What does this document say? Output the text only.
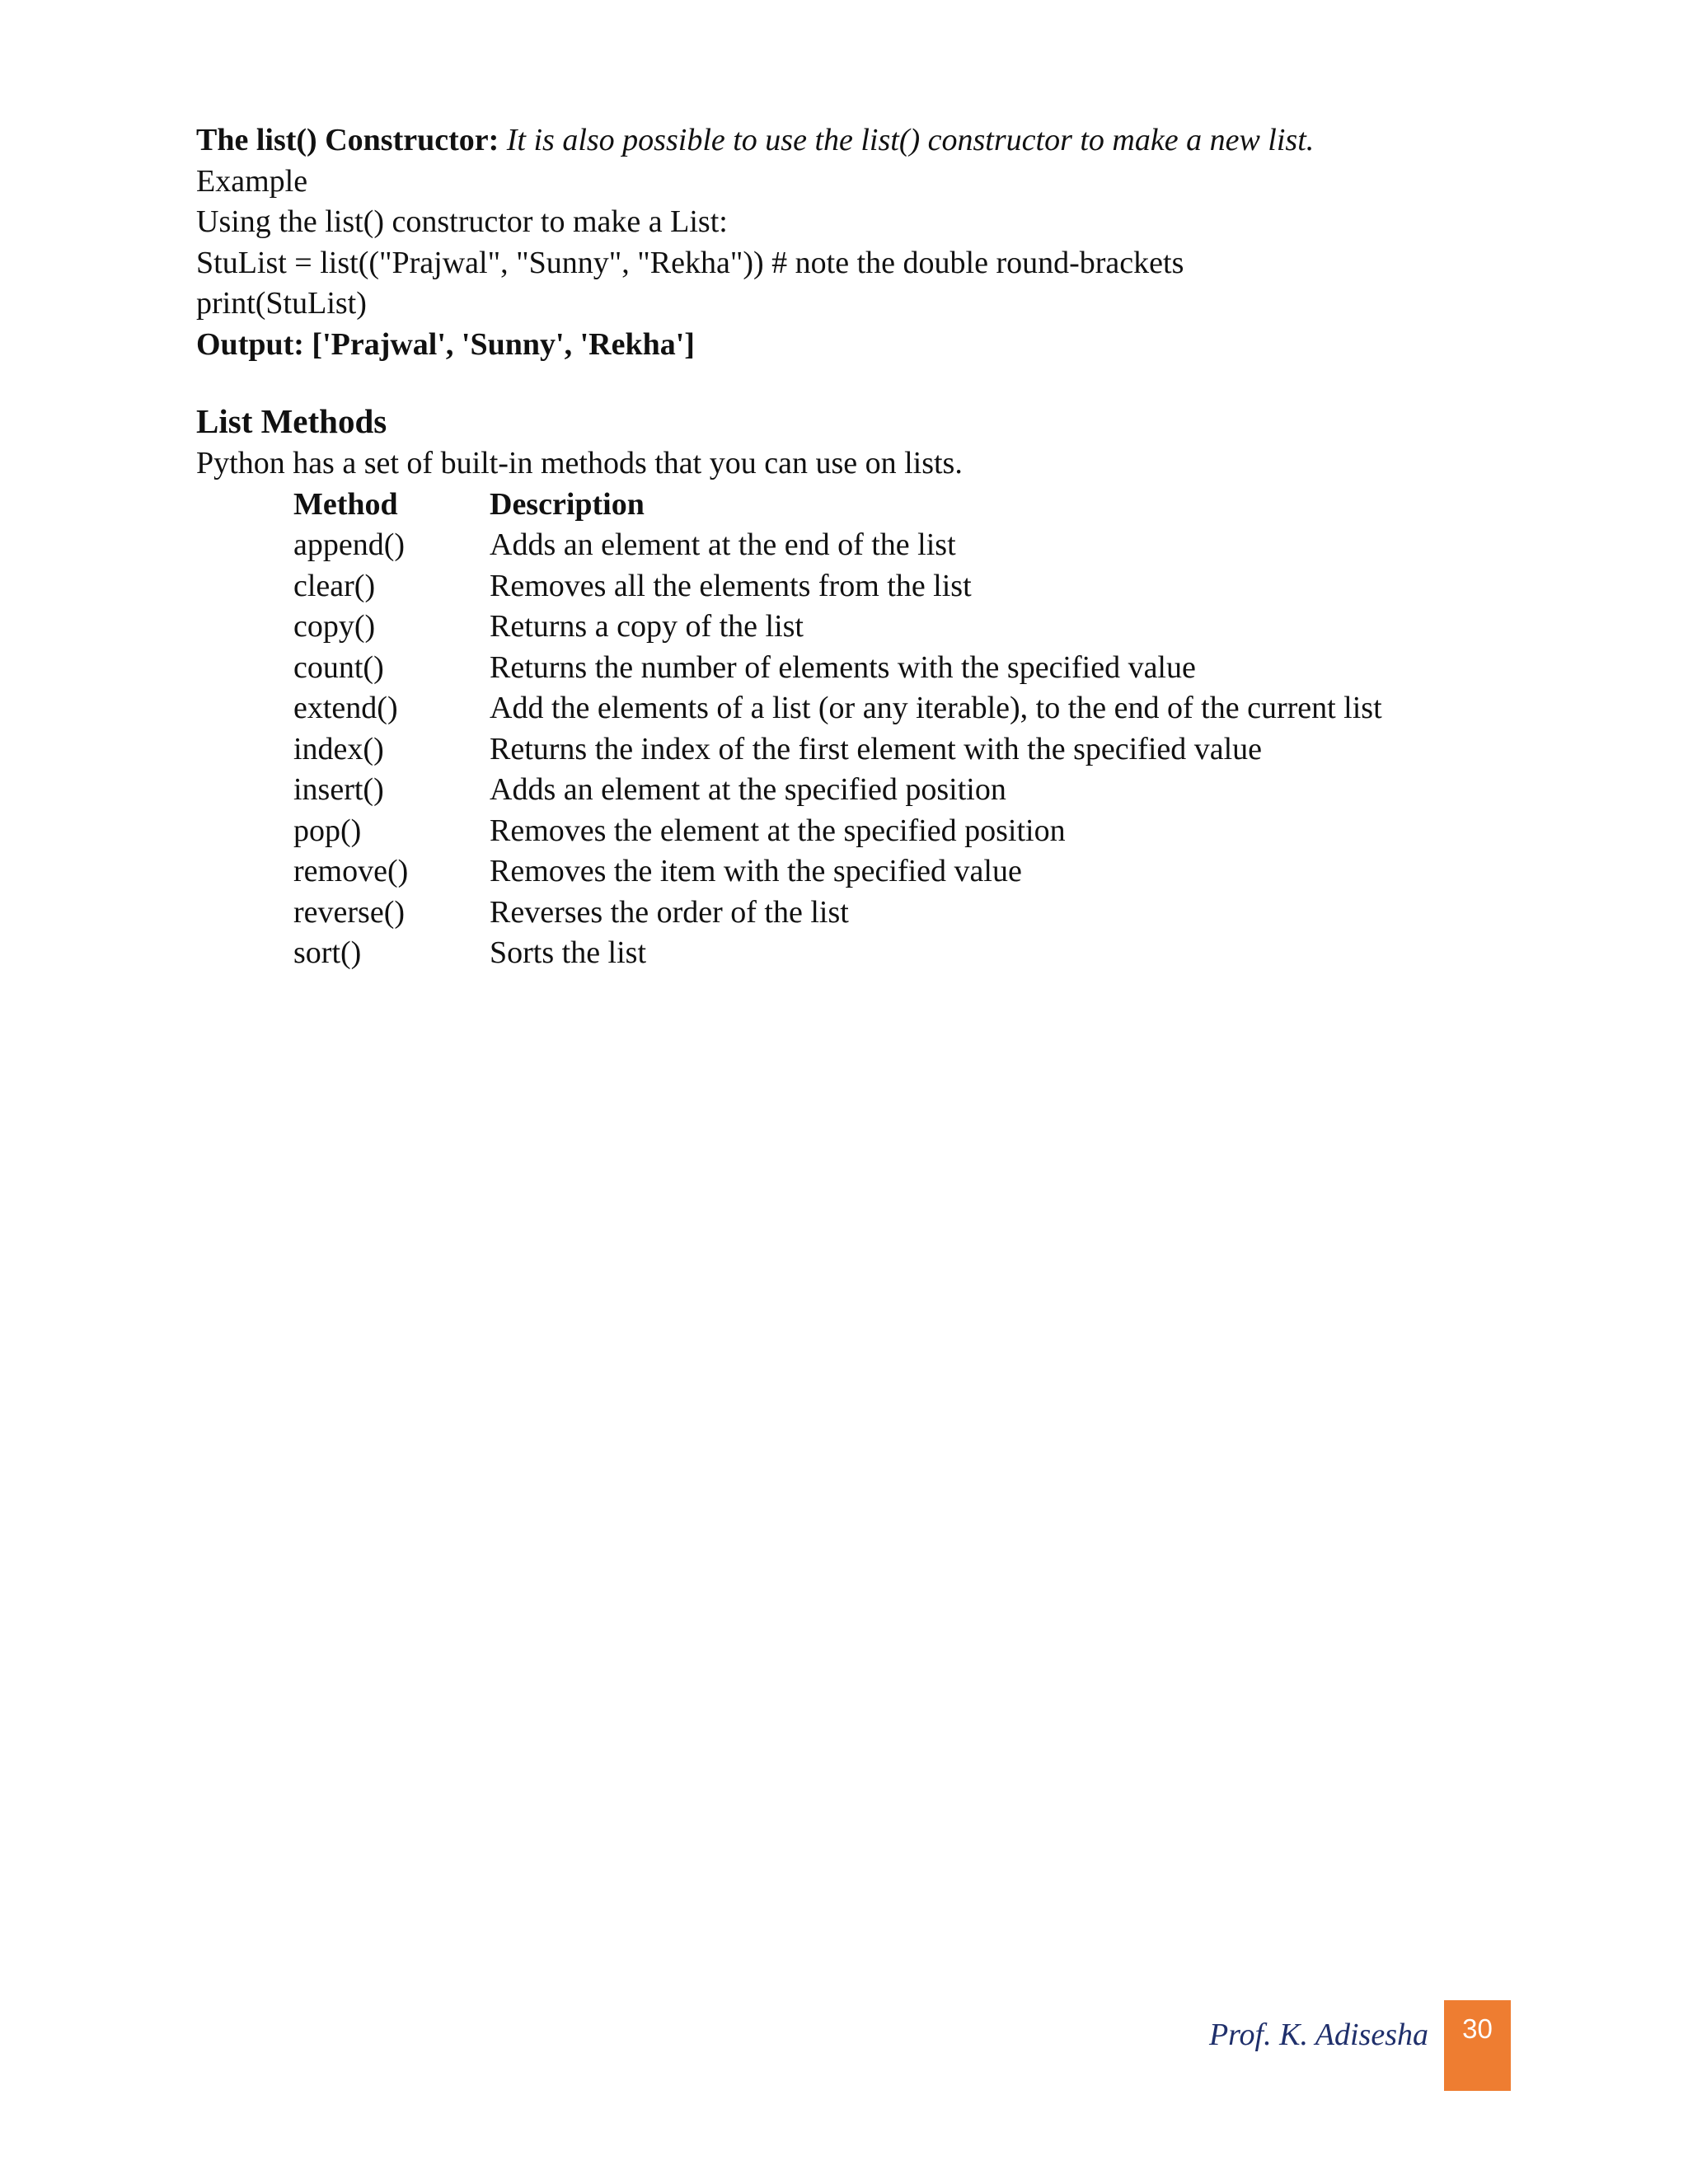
The list() Constructor: It is also possible to use the list() constructor to make a new list.
Example
Using the list() constructor to make a List:
StuList = list(("Prajwal", "Sunny", "Rekha")) # note the double round-brackets
print(StuList)
Output: ['Prajwal', 'Sunny', 'Rekha']
List Methods
Python has a set of built-in methods that you can use on lists.
Method	Description
append()	Adds an element at the end of the list
clear()	Removes all the elements from the list
copy()	Returns a copy of the list
count()	Returns the number of elements with the specified value
extend()	Add the elements of a list (or any iterable), to the end of the current list
index()	Returns the index of the first element with the specified value
insert()	Adds an element at the specified position
pop()	Removes the element at the specified position
remove()	Removes the item with the specified value
reverse()	Reverses the order of the list
sort()	Sorts the list
Prof. K. Adisesha	30
